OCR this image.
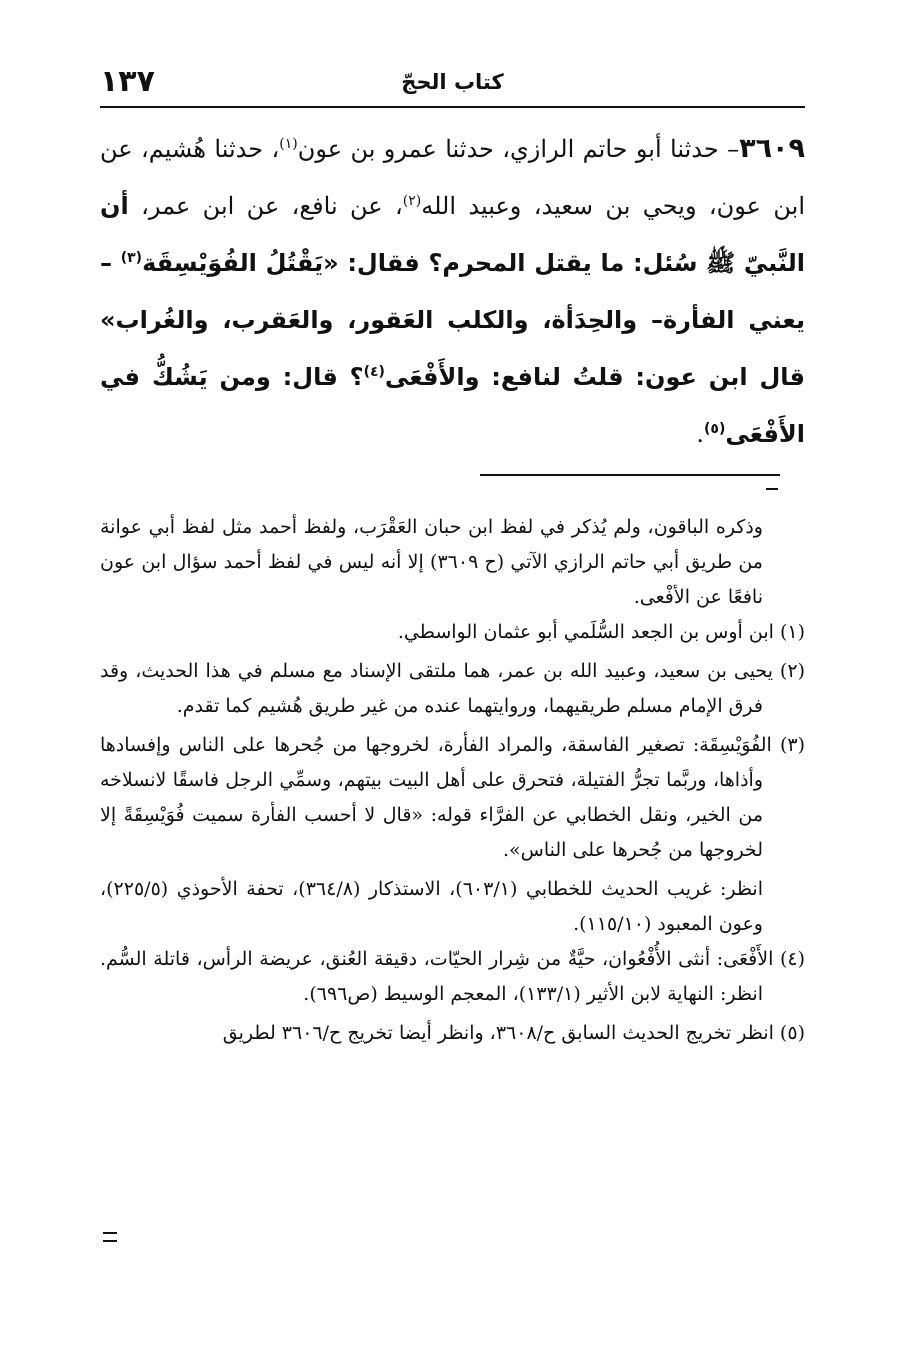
١٣٧	كتاب الحجّ

٣٦٠٩– حدثنا أبو حاتم الرازي، حدثنا عمرو بن عون$^{(١)}$، حدثنا هُشيم، عن ابن عون، ويحي بن سعيد، وعبيد الله$^{(٢)}$، عن نافع، عن ابن عمر، أن النَّبيّ ﷺ سُئل: ما يقتل المحرم؟ فقال: «يَقْتُلُ الفُوَيْسِقَة$^{(٣)}$ – يعني الفأرة– والحِدَأة، والكلب العَقور، والعَقرب، والغُراب» قال ابن عون: قلتُ لنافع: والأَفْعَى$^{(٤)}$؟ قال: ومن يَشُكُّ في الأَفْعَى$^{(٥)}$.

وذكره الباقون، ولم يُذكر في لفظ ابن حبان العَقْرَب، ولفظ أحمد مثل لفظ أبي عوانة من طريق أبي حاتم الرازي الآتي (ح ٣٦٠٩) إلا أنه ليس في لفظ أحمد سؤال ابن عون نافعًا عن الأفْعى.

(١) ابن أوس بن الجعد السُّلَمي أبو عثمان الواسطي.

(٢) يحيى بن سعيد، وعبيد الله بن عمر، هما ملتقى الإسناد مع مسلم في هذا الحديث، وقد فرق الإمام مسلم طريقيهما، وروايتهما عنده من غير طريق هُشيم كما تقدم.

(٣) الفُوَيْسِقَة: تصغير الفاسقة، والمراد الفأرة، لخروجها من جُحرها على الناس وإفسادها وأذاها، وربَّما تجرُّ الفتيلة، فتحرق على أهل البيت بيتهم، وسمِّي الرجل فاسقًا لانسلاخه من الخير، ونقل الخطابي عن الفرَّاء قوله: «قال لا أحسب الفأرة سميت فُوَيْسِقَةً إلا لخروجها من جُحرها على الناس».

انظر: غريب الحديث للخطابي (٦٠٣/١)، الاستذكار (٣٦٤/٨)، تحفة الأحوذي (٢٢٥/٥)، وعون المعبود (١١٥/١٠).

(٤) الأَفْعَى: أنثى الأُفْعُوان، حيَّةٌ من شِرار الحيّات، دقيقة العُنق، عريضة الرأس، قاتلة السُّم. انظر: النهاية لابن الأثير (١٣٣/١)، المعجم الوسيط (ص٦٩٦).

(٥) انظر تخريج الحديث السابق ح/٣٦٠٨، وانظر أيضا تخريج ح/٣٦٠٦ لطريق
